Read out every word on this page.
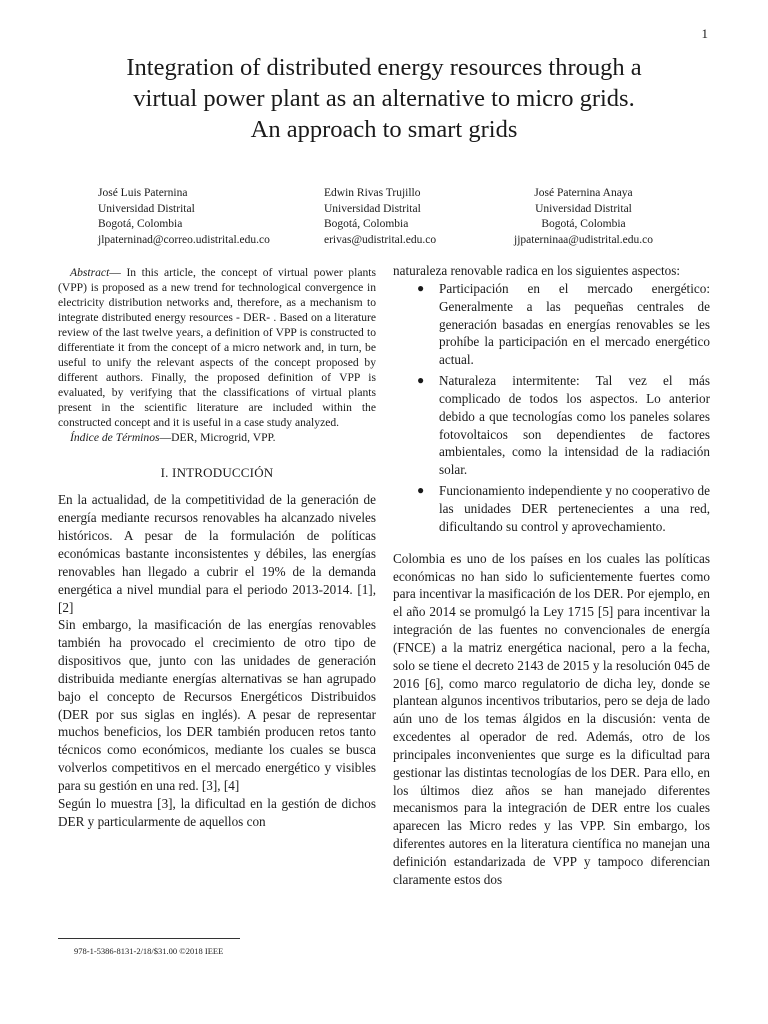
1
Integration of distributed energy resources through a
virtual power plant as an alternative to micro grids.
An approach to smart grids
José Luis Paternina
Universidad Distrital
Bogotá, Colombia
jlpaterninad@correo.udistrital.edu.co
Edwin Rivas Trujillo
Universidad Distrital
Bogotá, Colombia
erivas@udistrital.edu.co
José Paternina Anaya
Universidad Distrital
Bogotá, Colombia
jjpaterninaa@udistrital.edu.co

Abstract— In this article, the concept of virtual power plants (VPP) is proposed as a new trend for technological convergence in electricity distribution networks and, therefore, as a mechanism to integrate distributed energy resources - DER- . Based on a literature review of the last twelve years, a definition of VPP is constructed to differentiate it from the concept of a micro network and, in turn, be useful to unify the relevant aspects of the concept proposed by different authors. Finally, the proposed definition of VPP is evaluated, by verifying that the classifications of virtual plants present in the scientific literature are included within the constructed concept and it is useful in a case study analyzed.

Índice de Términos—DER, Microgrid, VPP.

I. INTRODUCCIÓN

En la actualidad, de la competitividad de la generación de energía mediante recursos renovables ha alcanzado niveles históricos. A pesar de la formulación de políticas económicas bastante inconsistentes y débiles, las energías renovables han llegado a cubrir el 19% de la demanda energética a nivel mundial para el periodo 2013-2014. [1], [2]

Sin embargo, la masificación de las energías renovables también ha provocado el crecimiento de otro tipo de dispositivos que, junto con las unidades de generación distribuida mediante energías alternativas se han agrupado bajo el concepto de Recursos Energéticos Distribuidos (DER por sus siglas en inglés). A pesar de representar muchos beneficios, los DER también producen retos tanto técnicos como económicos, mediante los cuales se busca volverlos competitivos en el mercado energético y visibles para su gestión en una red. [3], [4]

Según lo muestra [3], la dificultad en la gestión de dichos DER y particularmente de aquellos con

naturaleza renovable radica en los siguientes aspectos:

● Participación en el mercado energético: Generalmente a las pequeñas centrales de generación basadas en energías renovables se les prohíbe la participación en el mercado energético actual.
● Naturaleza intermitente: Tal vez el más complicado de todos los aspectos. Lo anterior debido a que tecnologías como los paneles solares fotovoltaicos son dependientes de factores ambientales, como la intensidad de la radiación solar.
● Funcionamiento independiente y no cooperativo de las unidades DER pertenecientes a una red, dificultando su control y aprovechamiento.

Colombia es uno de los países en los cuales las políticas económicas no han sido lo suficientemente fuertes como para incentivar la masificación de los DER. Por ejemplo, en el año 2014 se promulgó la Ley 1715 [5] para incentivar la integración de las fuentes no convencionales de energía (FNCE) a la matriz energética nacional, pero a la fecha, solo se tiene el decreto 2143 de 2015 y la resolución 045 de 2016 [6], como marco regulatorio de dicha ley, donde se plantean algunos incentivos tributarios, pero se deja de lado aún uno de los temas álgidos en la discusión: venta de excedentes al operador de red. Además, otro de los principales inconvenientes que surge es la dificultad para gestionar las distintas tecnologías de los DER. Para ello, en los últimos diez años se han manejado diferentes mecanismos para la integración de DER entre los cuales aparecen las Micro redes y las VPP. Sin embargo, los diferentes autores en la literatura científica no manejan una definición estandarizada de VPP y tampoco diferencian claramente estos dos

978-1-5386-8131-2/18/$31.00 ©2018 IEEE
